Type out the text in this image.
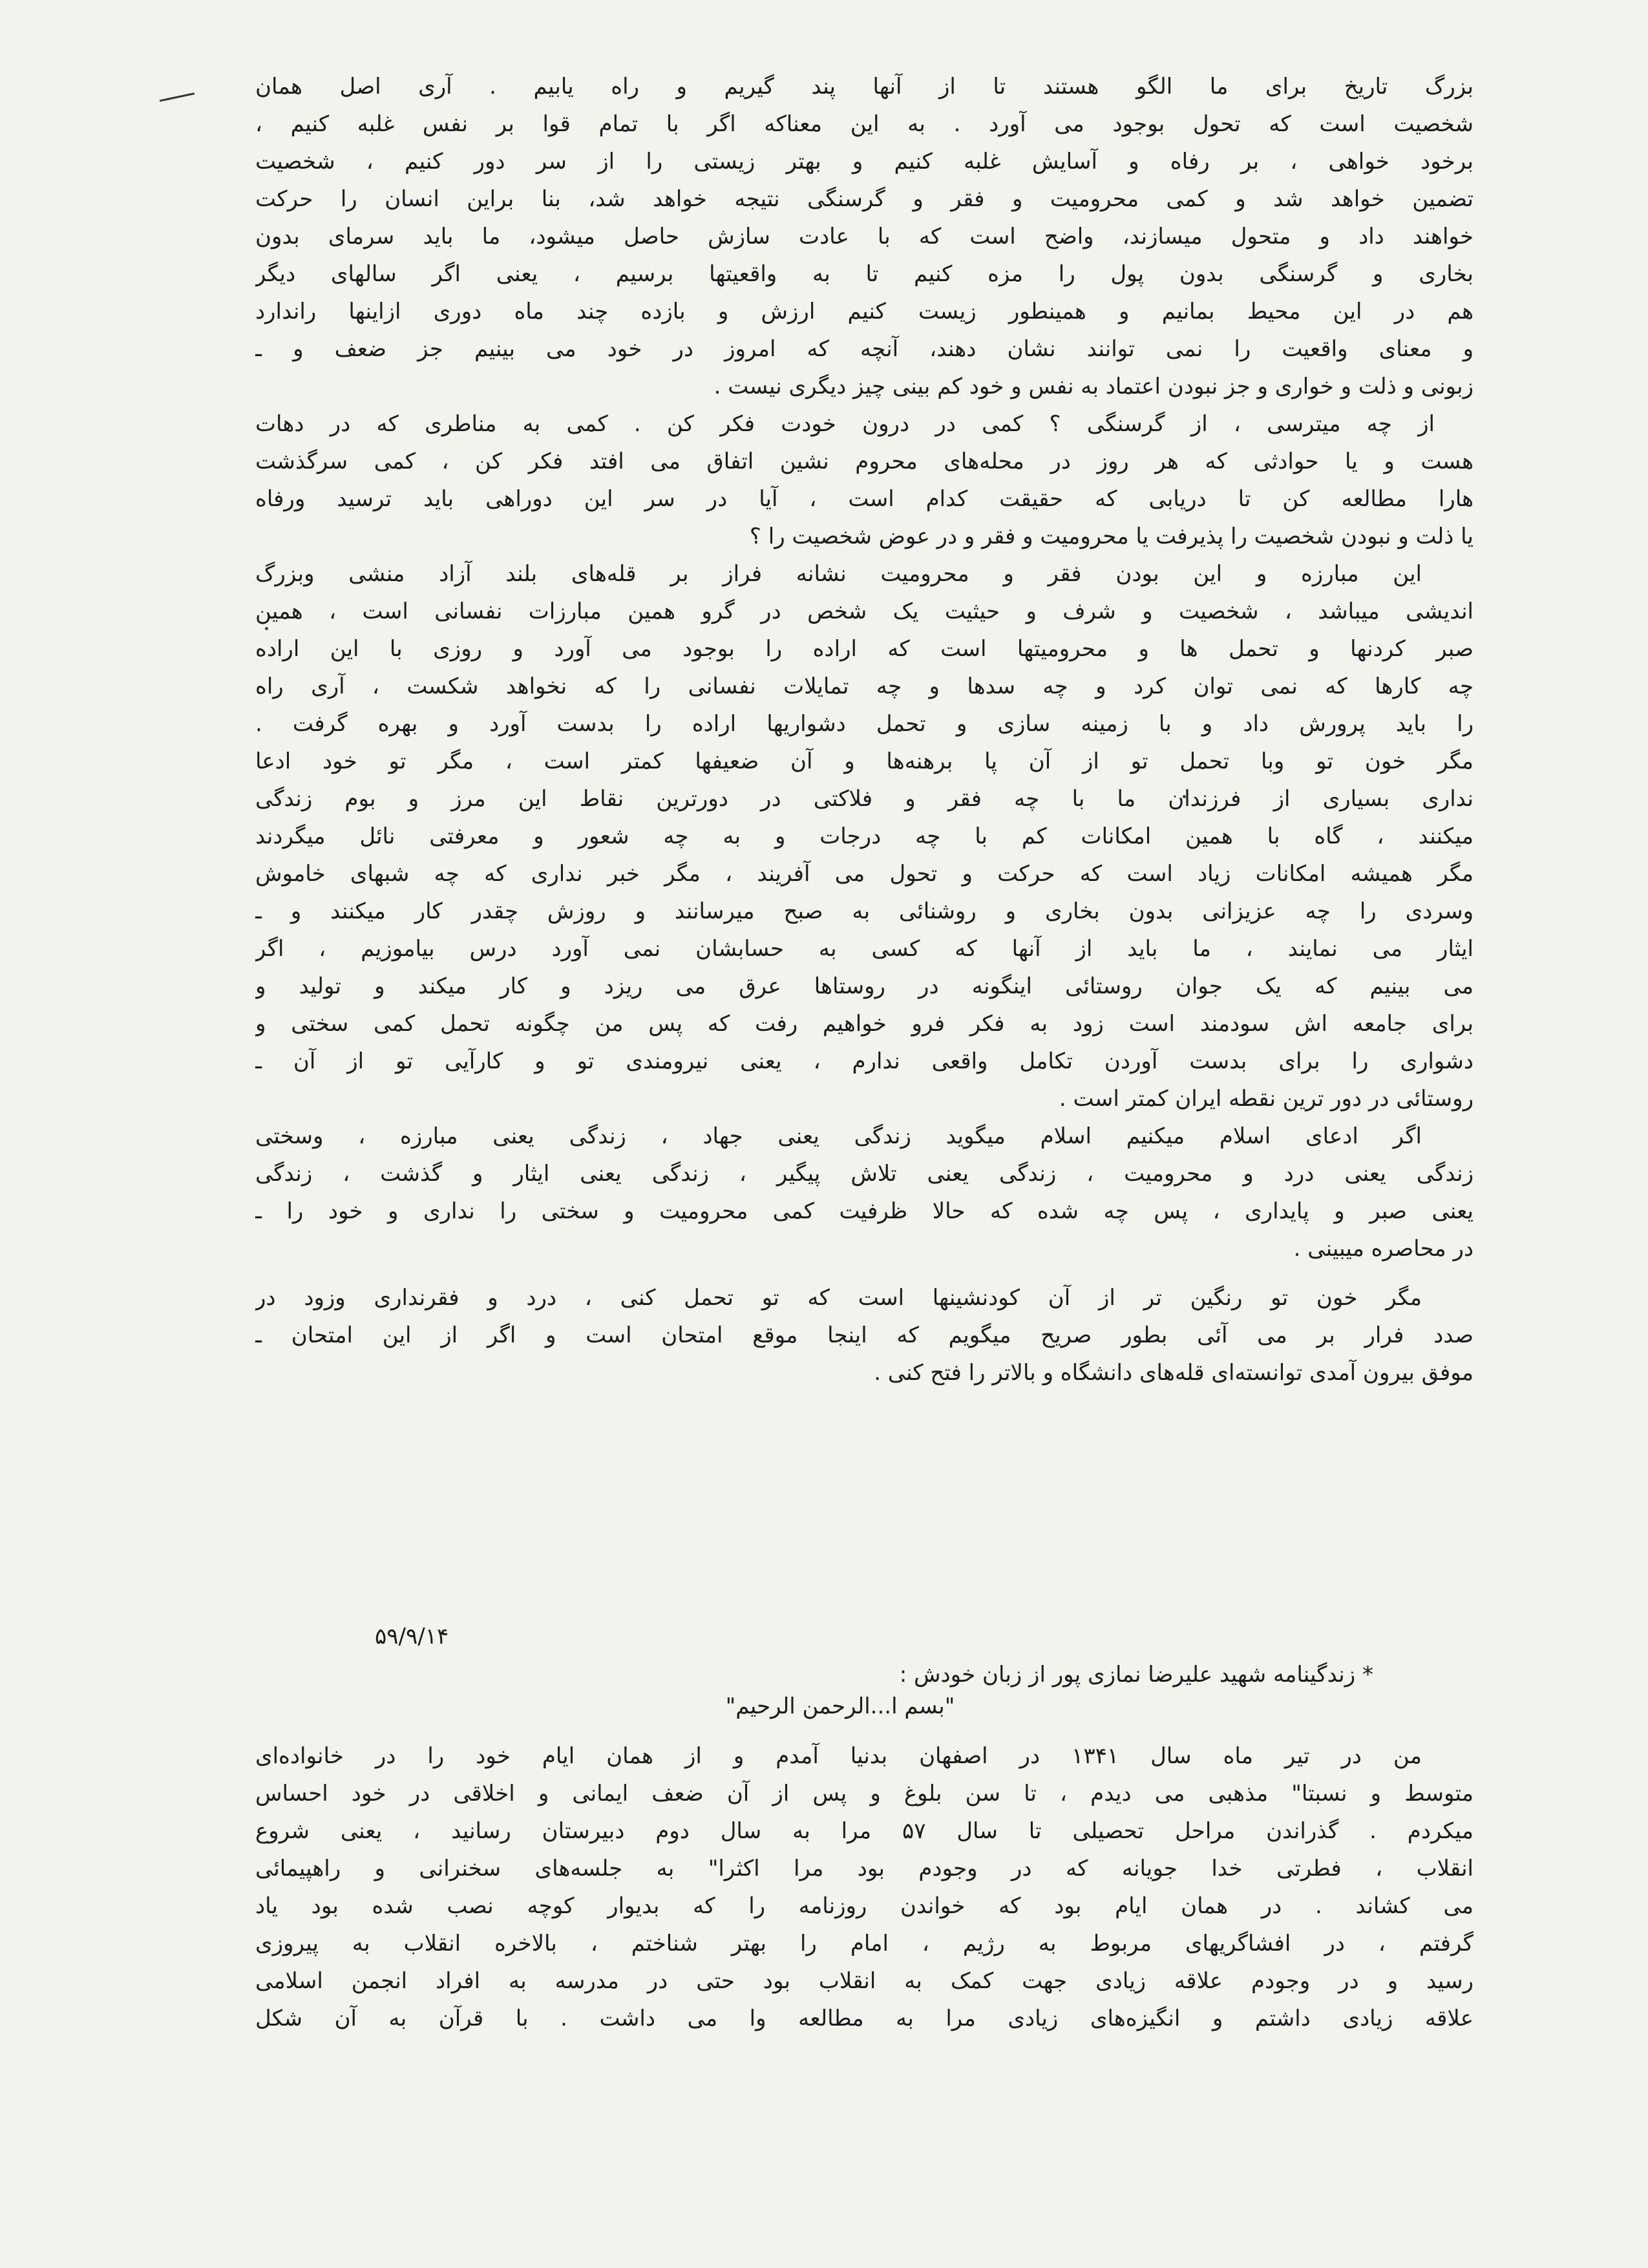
بزرگ تاریخ برای ما الگو هستند تا از آنها پند گیریم و راه یابیم . آری اصل همان
شخصیت است که تحول بوجود می آورد . به این معناکه اگر با تمام قوا بر نفس غلبه کنیم ،
برخود خواهی ، بر رفاه و آسایش غلبه کنیم و بهتر زیستی را از سر دور کنیم ، شخصیت
تضمین خواهد شد و کمی محرومیت و فقر و گرسنگی نتیجه خواهد شد، بنا براین انسان را حرکت
خواهند داد و متحول میسازند، واضح است که با عادت سازش حاصل میشود، ما باید سرمای بدون
بخاری و گرسنگی بدون پول را مزه کنیم تا به واقعیتها برسیم ، یعنی اگر سالهای دیگر
هم در این محیط بمانیم و همینطور زیست کنیم ارزش و بازده چند ماه دوری ازاینها راندارد
و معنای واقعیت را نمی توانند نشان دهند، آنچه که امروز در خود می بینیم جز ضعف و ـ
زبونی و ذلت و خواری و جز نبودن اعتماد به نفس و خود کم بینی چیز دیگری نیست .
از چه میترسی ، از گرسنگی ؟ کمی در درون خودت فکر کن . کمی به مناطری که در دهات
هست و یا حوادثی که هر روز در محله‌های محروم نشین اتفاق می افتد فکر کن ، کمی سرگذشت
هارا مطالعه کن تا دریابی که حقیقت کدام است ، آیا در سر این دوراهی باید ترسید ورفاه
یا ذلت و نبودن شخصیت را پذیرفت یا محرومیت و فقر و در عوض شخصیت را ؟
این مبارزه و این بودن فقر و محرومیت نشانه فراز بر قله‌های بلند آزاد منشی وبزرگ
اندیشی میباشد ، شخصیت و شرف و حیثیت یک شخص در گرو همین مبارزات نفسانی است ، همین
صبر کردنها و تحمل ها و محرومیتها است که اراده را بوجود می آورد و روزی با این اراده
چه کارها که نمی توان کرد و چه سدها و چه تمایلات نفسانی را که نخواهد شکست ، آری راه
را باید پرورش داد و با زمینه سازی و تحمل دشواریها اراده را بدست آورد و بهره گرفت .
مگر خون تو وبا تحمل تو از آن پا برهنه‌ها و آن ضعیفها کمتر است ، مگر تو خود ادعا
نداری بسیاری از فرزندان ما با چه فقر و فلاکتی در دورترین نقاط این مرز و بوم زندگی
میکنند ، گاه با همین امکانات کم با چه درجات و به چه شعور و معرفتی نائل میگردند
مگر همیشه امکانات زیاد است که حرکت و تحول می آفریند ، مگر خبر نداری که چه شبهای خاموش
وسردی را چه عزیزانی بدون بخاری و روشنائی به صبح میرسانند و روزش چقدر کار میکنند و ـ
ایثار می نمایند ، ما باید از آنها که کسی به حسابشان نمی آورد درس بیاموزیم ، اگر
می بینیم که یک جوان روستائی اینگونه در روستاها عرق می ریزد و کار میکند و تولید و
برای جامعه اش سودمند است زود به فکر فرو خواهیم رفت که پس من چگونه تحمل کمی سختی و
دشواری را برای بدست آوردن تکامل واقعی ندارم ، یعنی نیرومندی تو و کارآیی تو از آن ـ
روستائی در دور ترین نقطه ایران کمتر است .
اگر ادعای اسلام میکنیم اسلام میگوید زندگی یعنی جهاد ، زندگی یعنی مبارزه ، وسختی
زندگی یعنی درد و محرومیت ، زندگی یعنی تلاش پیگیر ، زندگی یعنی ایثار و گذشت ، زندگی
یعنی صبر و پایداری ، پس چه شده که حالا ظرفیت کمی محرومیت و سختی را نداری و خود را ـ
در محاصره میبینی .
مگر خون تو رنگین تر از آن کودنشینها است که تو تحمل کنی ، درد و فقرنداری وزود در
صدد فرار بر می آئی بطور صریح میگویم که اینجا موقع امتحان است و اگر از این امتحان ـ
موفق بیرون آمدی توانسته‌ای قله‌های دانشگاه و بالاتر را فتح کنی .
۵۹/۹/۱۴
* زندگینامه شهید علیرضا نمازی پور از زبان خودش :
"بسم ا...الرحمن الرحیم"
من در تیر ماه سال ۱۳۴۱ در اصفهان بدنیا آمدم و از همان ایام خود را در خانواده‌ای
متوسط و نسبتا" مذهبی می دیدم ، تا سن بلوغ و پس از آن ضعف ایمانی و اخلاقی در خود احساس
میکردم . گذراندن مراحل تحصیلی تا سال ۵۷ مرا به سال دوم دبیرستان رسانید ، یعنی شروع
انقلاب ، فطرتی خدا جویانه که در وجودم بود مرا اکثرا" به جلسه‌های سخنرانی و راهپیمائی
می کشاند . در همان ایام بود که خواندن روزنامه را که بدیوار کوچه نصب شده بود یاد
گرفتم ، در افشاگریهای مربوط به رژیم ، امام را بهتر شناختم ، بالاخره انقلاب به پیروزی
رسید و در وجودم علاقه زیادی جهت کمک به انقلاب بود حتی در مدرسه به افراد انجمن اسلامی
علاقه زیادی داشتم و انگیزه‌های زیادی مرا به مطالعه وا می داشت . با قرآن به آن شکل
